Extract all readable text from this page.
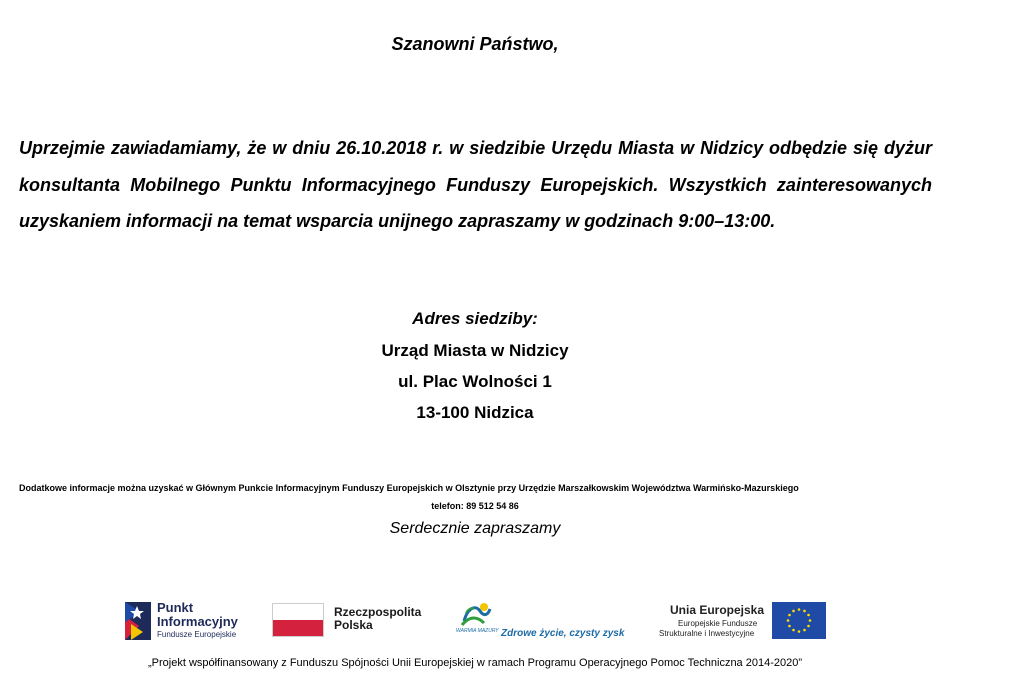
Szanowni Państwo,
Uprzejmie zawiadamiamy, że w dniu 26.10.2018 r. w siedzibie Urzędu Miasta w Nidzicy odbędzie się dyżur konsultanta Mobilnego Punktu Informacyjnego Funduszy Europejskich. Wszystkich zainteresowanych uzyskaniem informacji na temat wsparcia unijnego zapraszamy w godzinach 9:00–13:00.
Adres siedziby:
Urząd Miasta w Nidzicy
ul. Plac Wolności 1
13-100 Nidzica
Dodatkowe informacje można uzyskać w Głównym Punkcie Informacyjnym Funduszy Europejskich w Olsztynie przy Urzędzie Marszałkowskim Województwa Warmińsko-Mazurskiego
telefon: 89 512 54 86
Serdecznie zapraszamy
Punkt
Informacyjny
Fundusze Europejskie
Rzeczpospolita
Polska	WARMIA MAZURY Zdrowe życie, czysty zysk
Unia Europejska
Europejskie Fundusze
Strukturalne i Inwestycyjne
„Projekt współfinansowany z Funduszu Spójności Unii Europejskiej w ramach Programu Operacyjnego Pomoc Techniczna 2014-2020”
